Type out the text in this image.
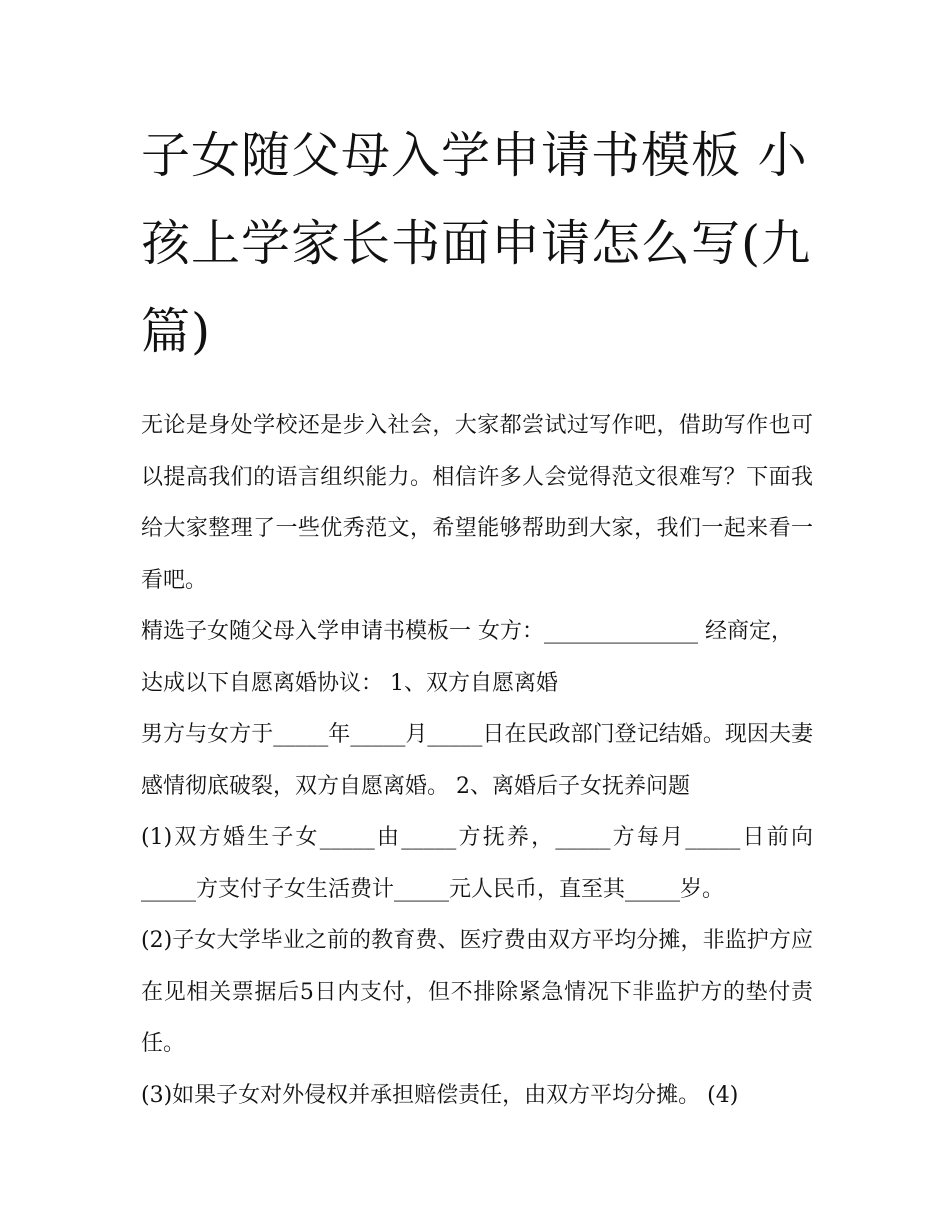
子女随父母入学申请书模板 小孩上学家长书面申请怎么写(九篇)

无论是身处学校还是步入社会，大家都尝试过写作吧，借助写作也可以提高我们的语言组织能力。相信许多人会觉得范文很难写？下面我给大家整理了一些优秀范文，希望能够帮助到大家，我们一起来看一看吧。

精选子女随父母入学申请书模板一 女方：______________ 经商定，达成以下自愿离婚协议： 1、双方自愿离婚

男方与女方于_____年_____月_____日在民政部门登记结婚。现因夫妻感情彻底破裂，双方自愿离婚。 2、离婚后子女抚养问题

(1)双方婚生子女_____由_____方抚养，_____方每月_____日前向_____方支付子女生活费计_____元人民币，直至其_____岁。

(2)子女大学毕业之前的教育费、医疗费由双方平均分摊，非监护方应在见相关票据后5日内支付，但不排除紧急情况下非监护方的垫付责任。

(3)如果子女对外侵权并承担赔偿责任，由双方平均分摊。 (4)
